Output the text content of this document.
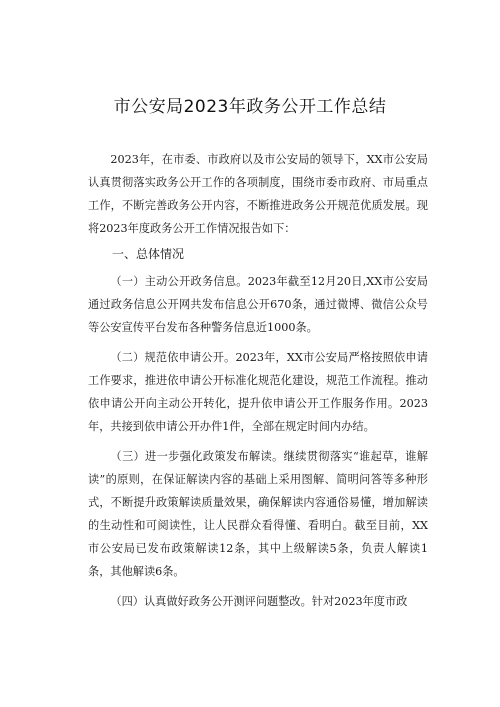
市公安局2023年政务公开工作总结

2023年，在市委、市政府以及市公安局的领导下，XX市公安局认真贯彻落实政务公开工作的各项制度，围绕市委市政府、市局重点工作，不断完善政务公开内容，不断推进政务公开规范优质发展。现将2023年度政务公开工作情况报告如下：

一、总体情况

（一）主动公开政务信息。2023年截至12月20日,XX市公安局通过政务信息公开网共发布信息公开670条，通过微博、微信公众号等公安宣传平台发布各种警务信息近1000条。

（二）规范依申请公开。2023年，XX市公安局严格按照依申请工作要求，推进依申请公开标准化规范化建设，规范工作流程。推动依申请公开向主动公开转化，提升依申请公开工作服务作用。2023年，共接到依申请公开办件1件，全部在规定时间内办结。

（三）进一步强化政策发布解读。继续贯彻落实“谁起草，谁解读”的原则，在保证解读内容的基础上采用图解、简明问答等多种形式，不断提升政策解读质量效果，确保解读内容通俗易懂，增加解读的生动性和可阅读性，让人民群众看得懂、看明白。截至目前，XX市公安局已发布政策解读12条，其中上级解读5条，负责人解读1条，其他解读6条。

（四）认真做好政务公开测评问题整改。针对2023年度市政
